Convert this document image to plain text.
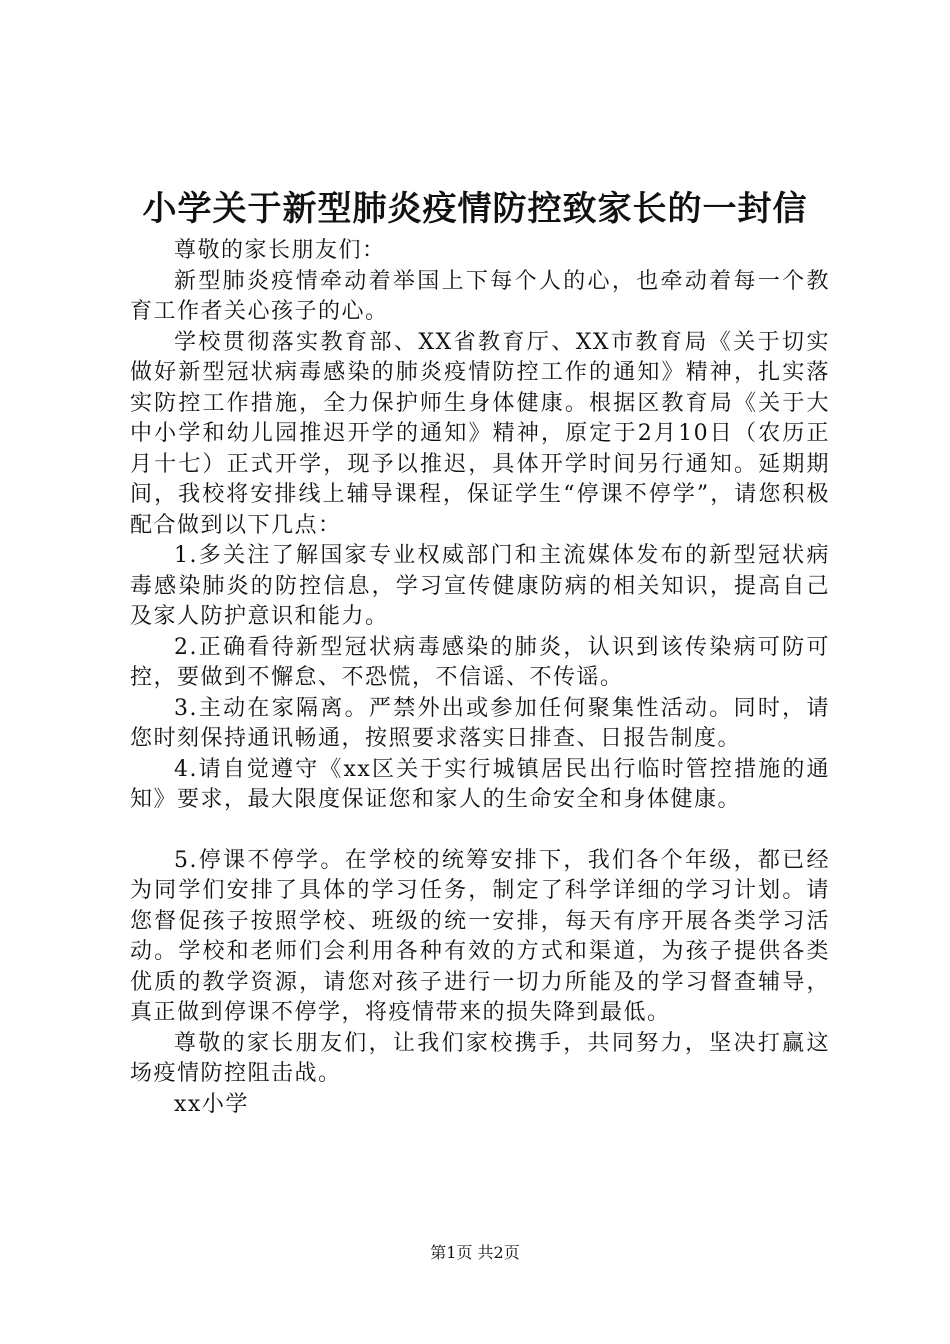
小学关于新型肺炎疫情防控致家长的一封信

尊敬的家长朋友们：

新型肺炎疫情牵动着举国上下每个人的心，也牵动着每一个教育工作者关心孩子的心。

学校贯彻落实教育部、XX省教育厅、XX市教育局《关于切实做好新型冠状病毒感染的肺炎疫情防控工作的通知》精神，扎实落实防控工作措施，全力保护师生身体健康。根据区教育局《关于大中小学和幼儿园推迟开学的通知》精神，原定于2月10日（农历正月十七）正式开学，现予以推迟，具体开学时间另行通知。延期期间，我校将安排线上辅导课程，保证学生“停课不停学”，请您积极配合做到以下几点：

1.多关注了解国家专业权威部门和主流媒体发布的新型冠状病毒感染肺炎的防控信息，学习宣传健康防病的相关知识，提高自己及家人防护意识和能力。

2.正确看待新型冠状病毒感染的肺炎，认识到该传染病可防可控，要做到不懈怠、不恐慌，不信谣、不传谣。

3.主动在家隔离。严禁外出或参加任何聚集性活动。同时，请您时刻保持通讯畅通，按照要求落实日排查、日报告制度。

4.请自觉遵守《xx区关于实行城镇居民出行临时管控措施的通知》要求，最大限度保证您和家人的生命安全和身体健康。

5.停课不停学。在学校的统筹安排下，我们各个年级，都已经为同学们安排了具体的学习任务，制定了科学详细的学习计划。请您督促孩子按照学校、班级的统一安排，每天有序开展各类学习活动。学校和老师们会利用各种有效的方式和渠道，为孩子提供各类优质的教学资源，请您对孩子进行一切力所能及的学习督查辅导，真正做到停课不停学，将疫情带来的损失降到最低。

尊敬的家长朋友们，让我们家校携手，共同努力，坚决打赢这场疫情防控阻击战。

xx小学

第1页 共2页
